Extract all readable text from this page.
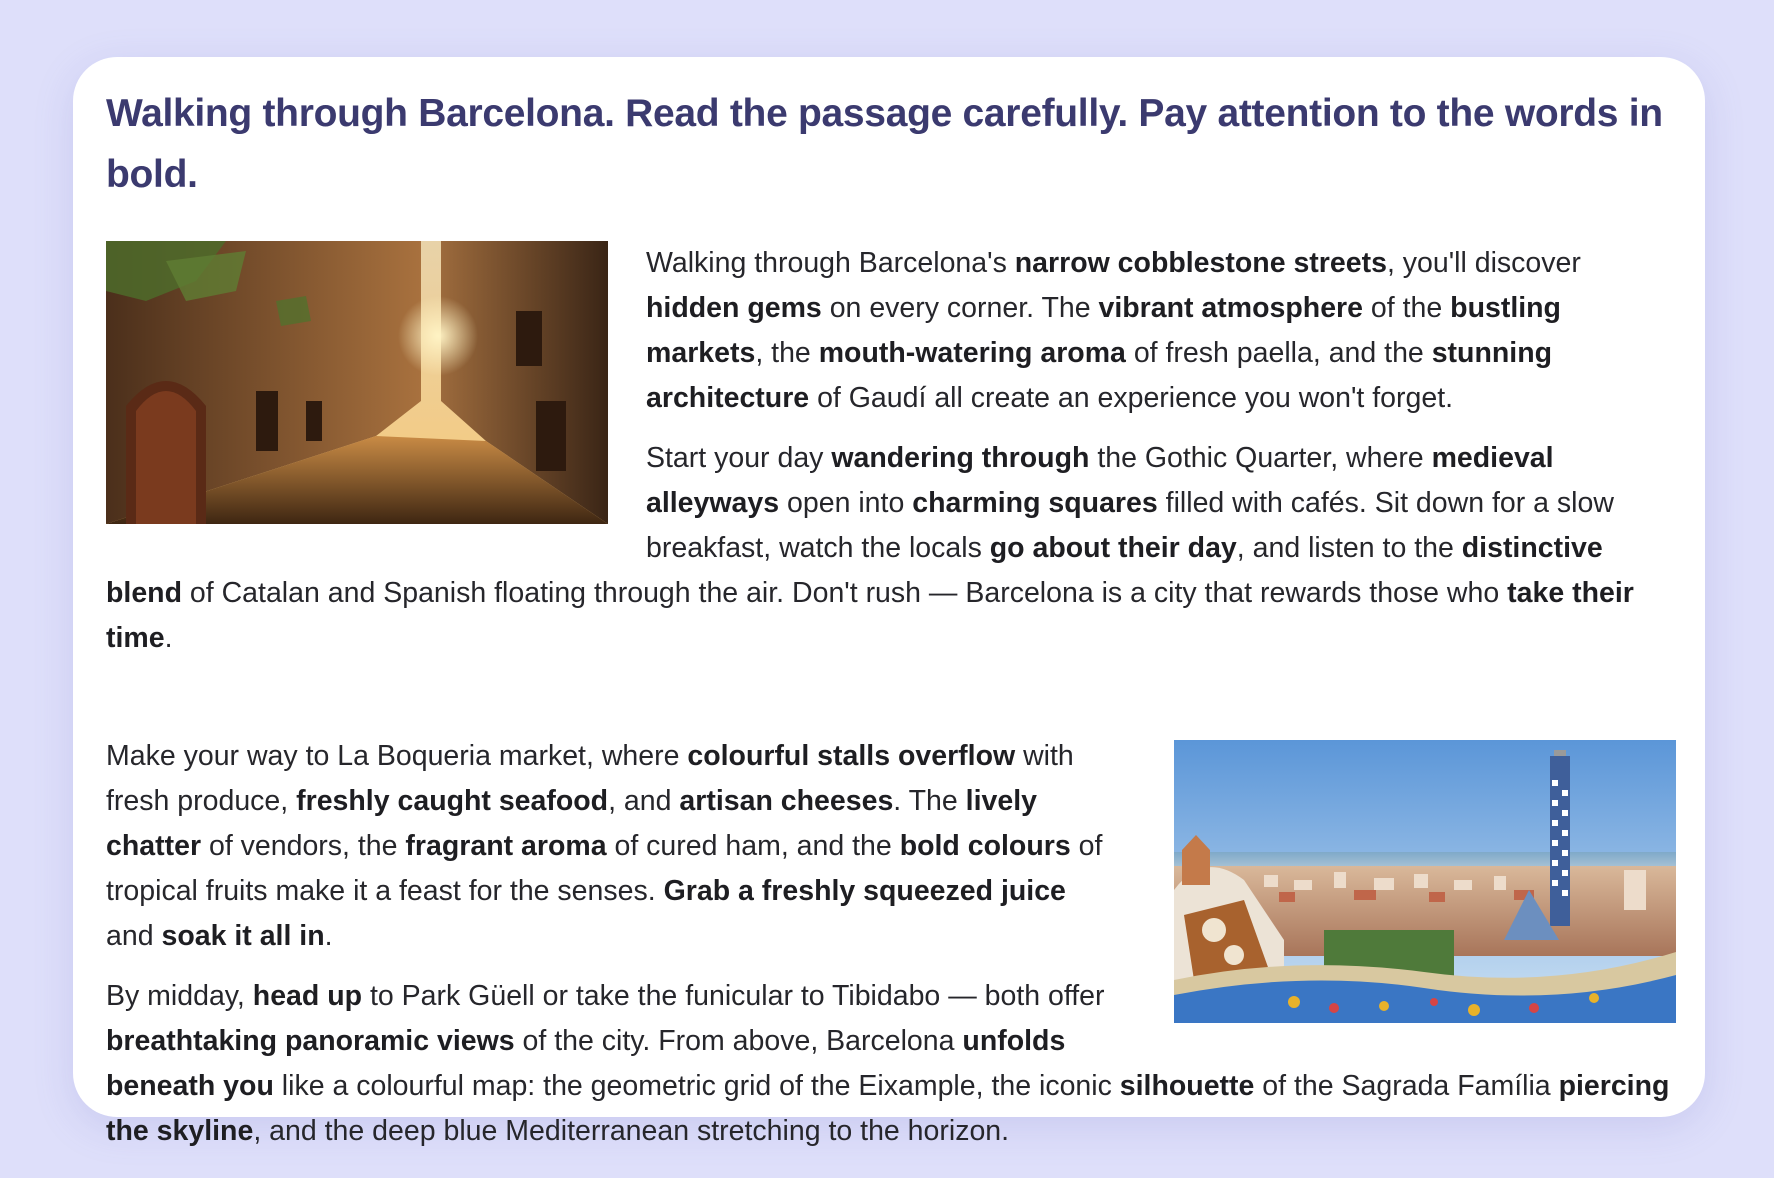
Walking through Barcelona. Read the passage carefully. Pay attention to the words in bold.

Walking through Barcelona's narrow cobblestone streets, you'll discover hidden gems on every corner. The vibrant atmosphere of the bustling markets, the mouth-watering aroma of fresh paella, and the stunning architecture of Gaudí all create an experience you won't forget.

Start your day wandering through the Gothic Quarter, where medieval alleyways open into charming squares filled with cafés. Sit down for a slow breakfast, watch the locals go about their day, and listen to the distinctive blend of Catalan and Spanish floating through the air. Don't rush — Barcelona is a city that rewards those who take their time.

Make your way to La Boqueria market, where colourful stalls overflow with fresh produce, freshly caught seafood, and artisan cheeses. The lively chatter of vendors, the fragrant aroma of cured ham, and the bold colours of tropical fruits make it a feast for the senses. Grab a freshly squeezed juice and soak it all in.

By midday, head up to Park Güell or take the funicular to Tibidabo — both offer breathtaking panoramic views of the city. From above, Barcelona unfolds beneath you like a colourful map: the geometric grid of the Eixample, the iconic silhouette of the Sagrada Família piercing the skyline, and the deep blue Mediterranean stretching to the horizon.
